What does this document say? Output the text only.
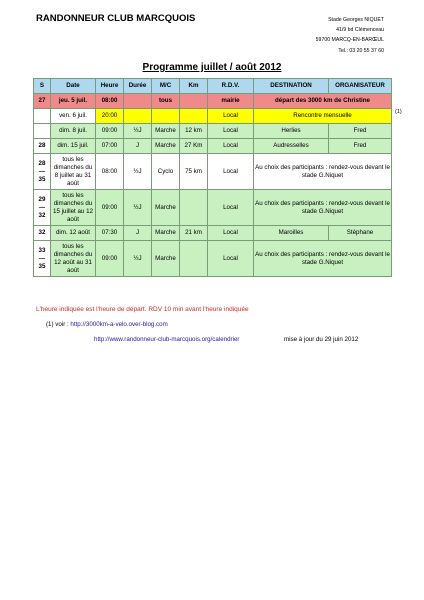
RANDONNEUR CLUB MARCQUOIS	Stade Georges NIQUET
41/9 bd Clémenceau
59700 MARCQ-EN-BARŒUL
Tel.: 03 20 55 37 60
Programme juillet / août 2012
S	Date	Heure	Durée	M/C	Km	R.D.V.	DESTINATION	ORGANISATEUR
27	jeu. 5 juil.	08:00		tous		mairie	départ des 3000 km de Christine	
	ven. 6 juil.	20:00				Local	Rencontre mensuelle	
	dim. 8 juil.	09:00	½J	Marche	12 km	Local	Herlies	Fred
28	dim. 15 juil.	07:00	J	Marche	27 Km	Local	Audresselles	Fred
28 — 35	tous les dimanches du 8 juillet au 31 août	08:00	½J	Cyclo	75 km	Local	Au choix des participants : rendez-vous devant le stade G.Niquet	
29 — 32	tous les dimanches du 15 juillet au 12 août	09:00	½J	Marche		Local	Au choix des participants : rendez-vous devant le stade G.Niquet	
32	dim. 12 août	07:30	J	Marche	21 km	Local	Maroilles	Stéphane
33 — 35	tous les dimanches du 12 août au 31 août	09:00	½J	Marche		Local	Au choix des participants : rendez-vous devant le stade G.Niquet	
(1)
L'heure indiquée est l'heure de départ. RDV 10 min avant l'heure indiquée
(1) voir : http://3000km-a-velo.over-blog.com
http://www.randonneur-club-marcquois.org/calendrier	mise à jour du 29 juin 2012
